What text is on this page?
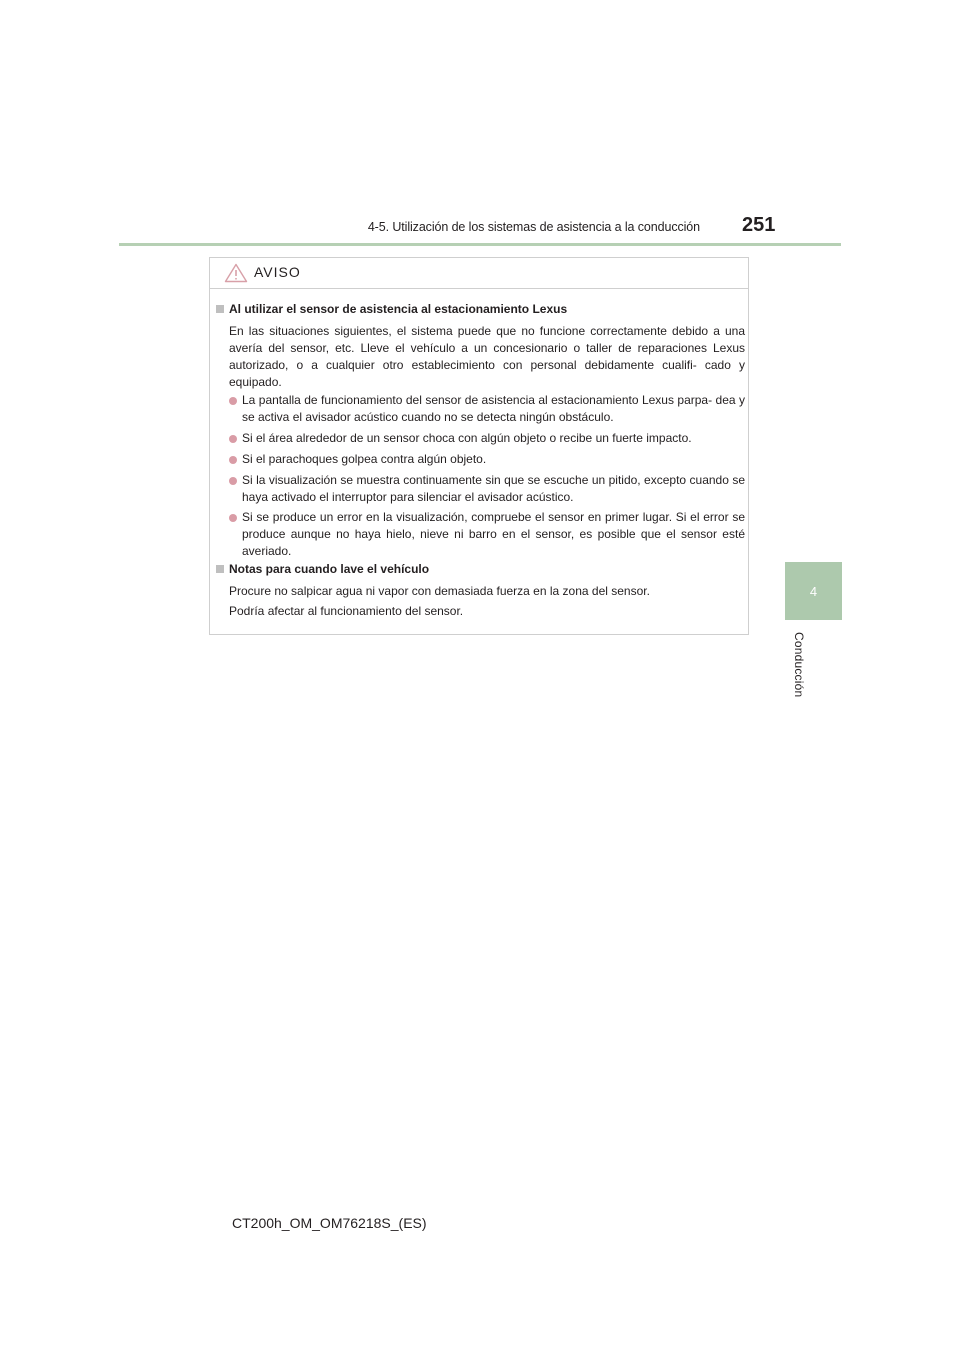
4-5. Utilización de los sistemas de asistencia a la conducción 251
4
Conducción
AVISO
Al utilizar el sensor de asistencia al estacionamiento Lexus

En las situaciones siguientes, el sistema puede que no funcione correctamente debido a una avería del sensor, etc. Lleve el vehículo a un concesionario o taller de reparaciones Lexus autorizado, o a cualquier otro establecimiento con personal debidamente cualifi- cado y equipado.

La pantalla de funcionamiento del sensor de asistencia al estacionamiento Lexus parpa- dea y se activa el avisador acústico cuando no se detecta ningún obstáculo.
Si el área alrededor de un sensor choca con algún objeto o recibe un fuerte impacto.
Si el parachoques golpea contra algún objeto.
Si la visualización se muestra continuamente sin que se escuche un pitido, excepto cuando se haya activado el interruptor para silenciar el avisador acústico.
Si se produce un error en la visualización, compruebe el sensor en primer lugar. Si el error se produce aunque no haya hielo, nieve ni barro en el sensor, es posible que el sensor esté averiado.
Notas para cuando lave el vehículo

Procure no salpicar agua ni vapor con demasiada fuerza en la zona del sensor.

Podría afectar al funcionamiento del sensor.

CT200h_OM_OM76218S_(ES)
